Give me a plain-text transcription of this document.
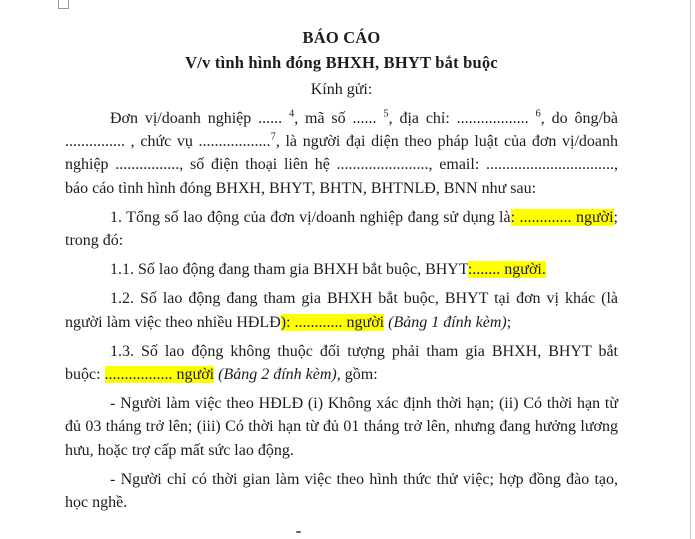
BÁO CÁO
V/v tình hình đóng BHXH, BHYT bắt buộc
Kính gửi:

Đơn vị/doanh nghiệp ...... $^4$, mã số ...... $^5$, địa chỉ: .................. $^6$, do ông/bà ............... , chức vụ ..................$^7$, là người đại diện theo pháp luật của đơn vị/doanh nghiệp ................, số điện thoại liên hệ ......................., email: ................................, báo cáo tình hình đóng BHXH, BHYT, BHTN, BHTNLĐ, BNN như sau:

1. Tổng số lao động của đơn vị/doanh nghiệp đang sử dụng là: ............. người; trong đó:

1.1. Số lao động đang tham gia BHXH bắt buộc, BHYT:....... người.

1.2. Số lao động đang tham gia BHXH bắt buộc, BHYT tại đơn vị khác (là người làm việc theo nhiều HĐLĐ): ............ người (Bảng 1 đính kèm);

1.3. Số lao động không thuộc đối tượng phải tham gia BHXH, BHYT bắt buộc: ................. người (Bảng 2 đính kèm), gồm:

- Người làm việc theo HĐLĐ (i) Không xác định thời hạn; (ii) Có thời hạn từ đủ 03 tháng trở lên; (iii) Có thời hạn từ đủ 01 tháng trở lên, nhưng đang hưởng lương hưu, hoặc trợ cấp mất sức lao động.

- Người chỉ có thời gian làm việc theo hình thức thử việc; hợp đồng đào tạo, học nghề.
